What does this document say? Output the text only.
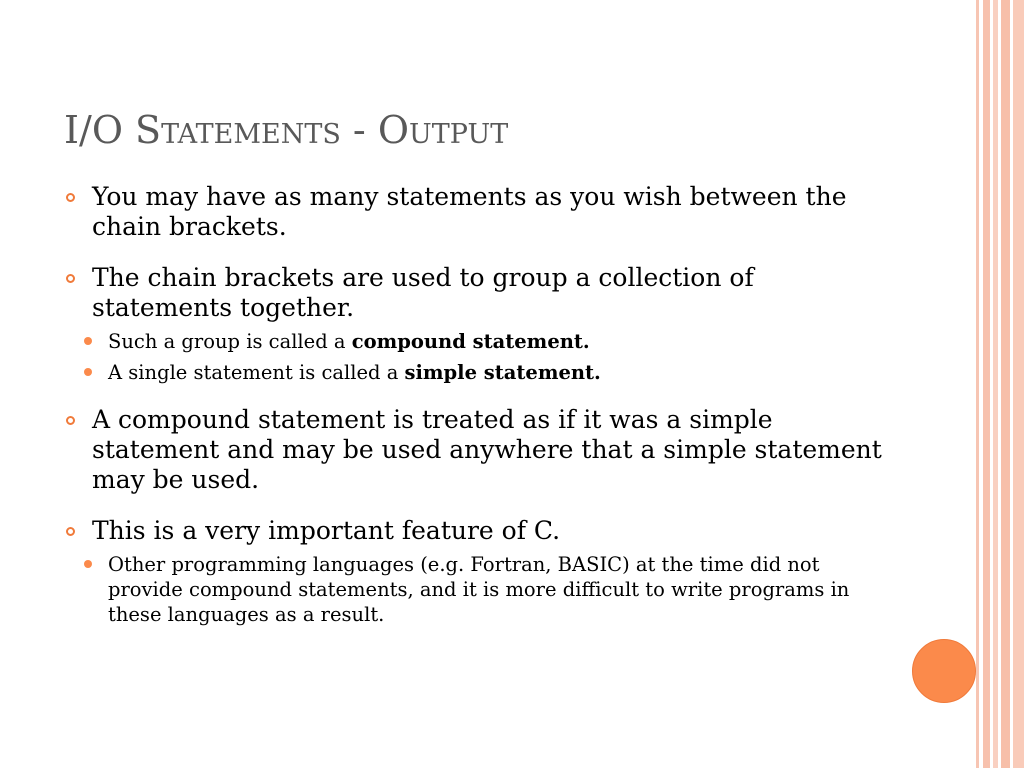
I/O Statements - Output
You may have as many statements as you wish between the chain brackets.
The chain brackets are used to group a collection of statements together.
Such a group is called a compound statement.
A single statement is called a simple statement.
A compound statement is treated as if it was a simple statement and may be used anywhere that a simple statement may be used.
This is a very important feature of C.
Other programming languages (e.g. Fortran, BASIC) at the time did not provide compound statements, and it is more difficult to write programs in these languages as a result.
